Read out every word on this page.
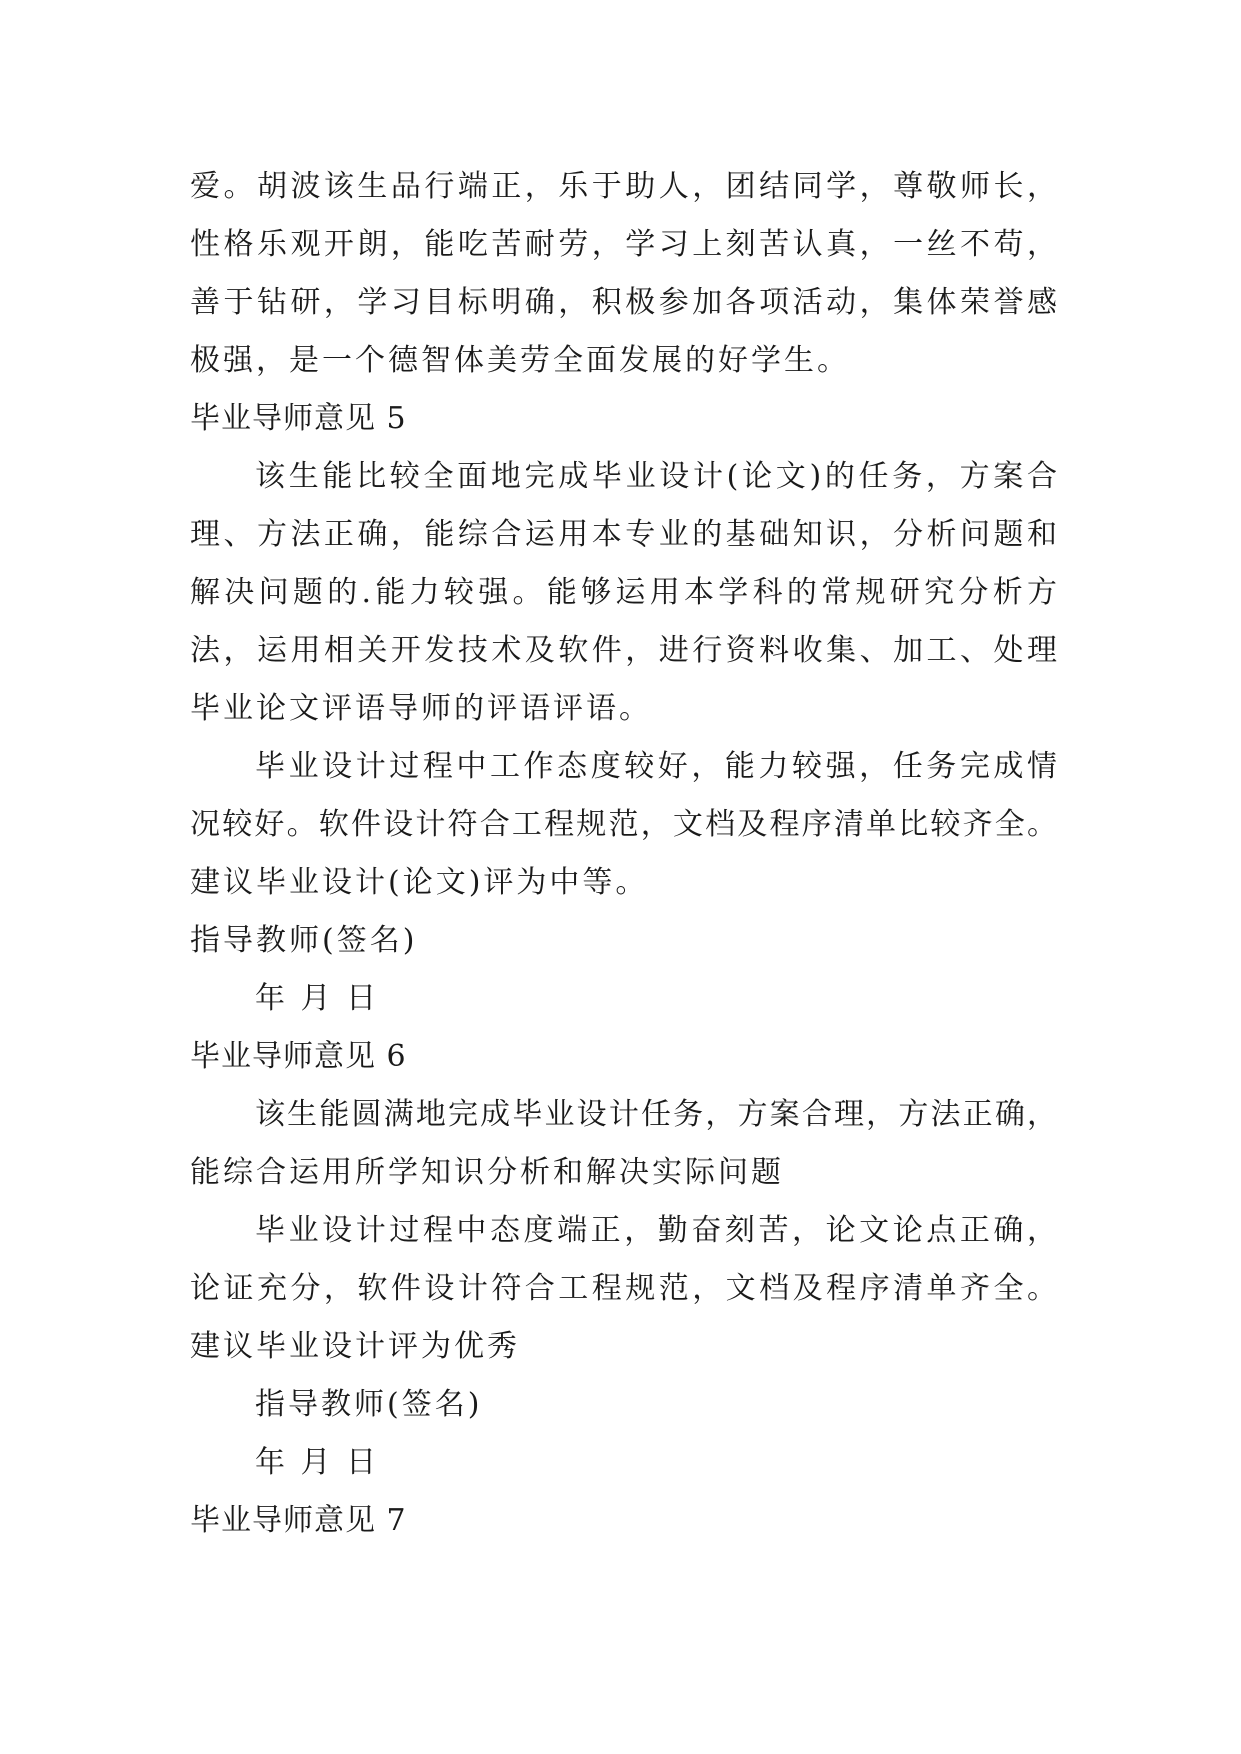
爱。胡波该生品行端正，乐于助人，团结同学，尊敬师长，
性格乐观开朗，能吃苦耐劳，学习上刻苦认真，一丝不苟，
善于钻研，学习目标明确，积极参加各项活动，集体荣誉感
极强，是一个德智体美劳全面发展的好学生。
毕业导师意见 5
该生能比较全面地完成毕业设计(论文)的任务，方案合
理、方法正确，能综合运用本专业的基础知识，分析问题和
解决问题的.能力较强。能够运用本学科的常规研究分析方
法，运用相关开发技术及软件，进行资料收集、加工、处理
毕业论文评语导师的评语评语。
毕业设计过程中工作态度较好，能力较强，任务完成情
况较好。软件设计符合工程规范，文档及程序清单比较齐全。
建议毕业设计(论文)评为中等。
指导教师(签名)
年 月 日
毕业导师意见 6
该生能圆满地完成毕业设计任务，方案合理，方法正确，
能综合运用所学知识分析和解决实际问题
毕业设计过程中态度端正，勤奋刻苦，论文论点正确，
论证充分，软件设计符合工程规范，文档及程序清单齐全。
建议毕业设计评为优秀
指导教师(签名)
年 月 日
毕业导师意见 7
